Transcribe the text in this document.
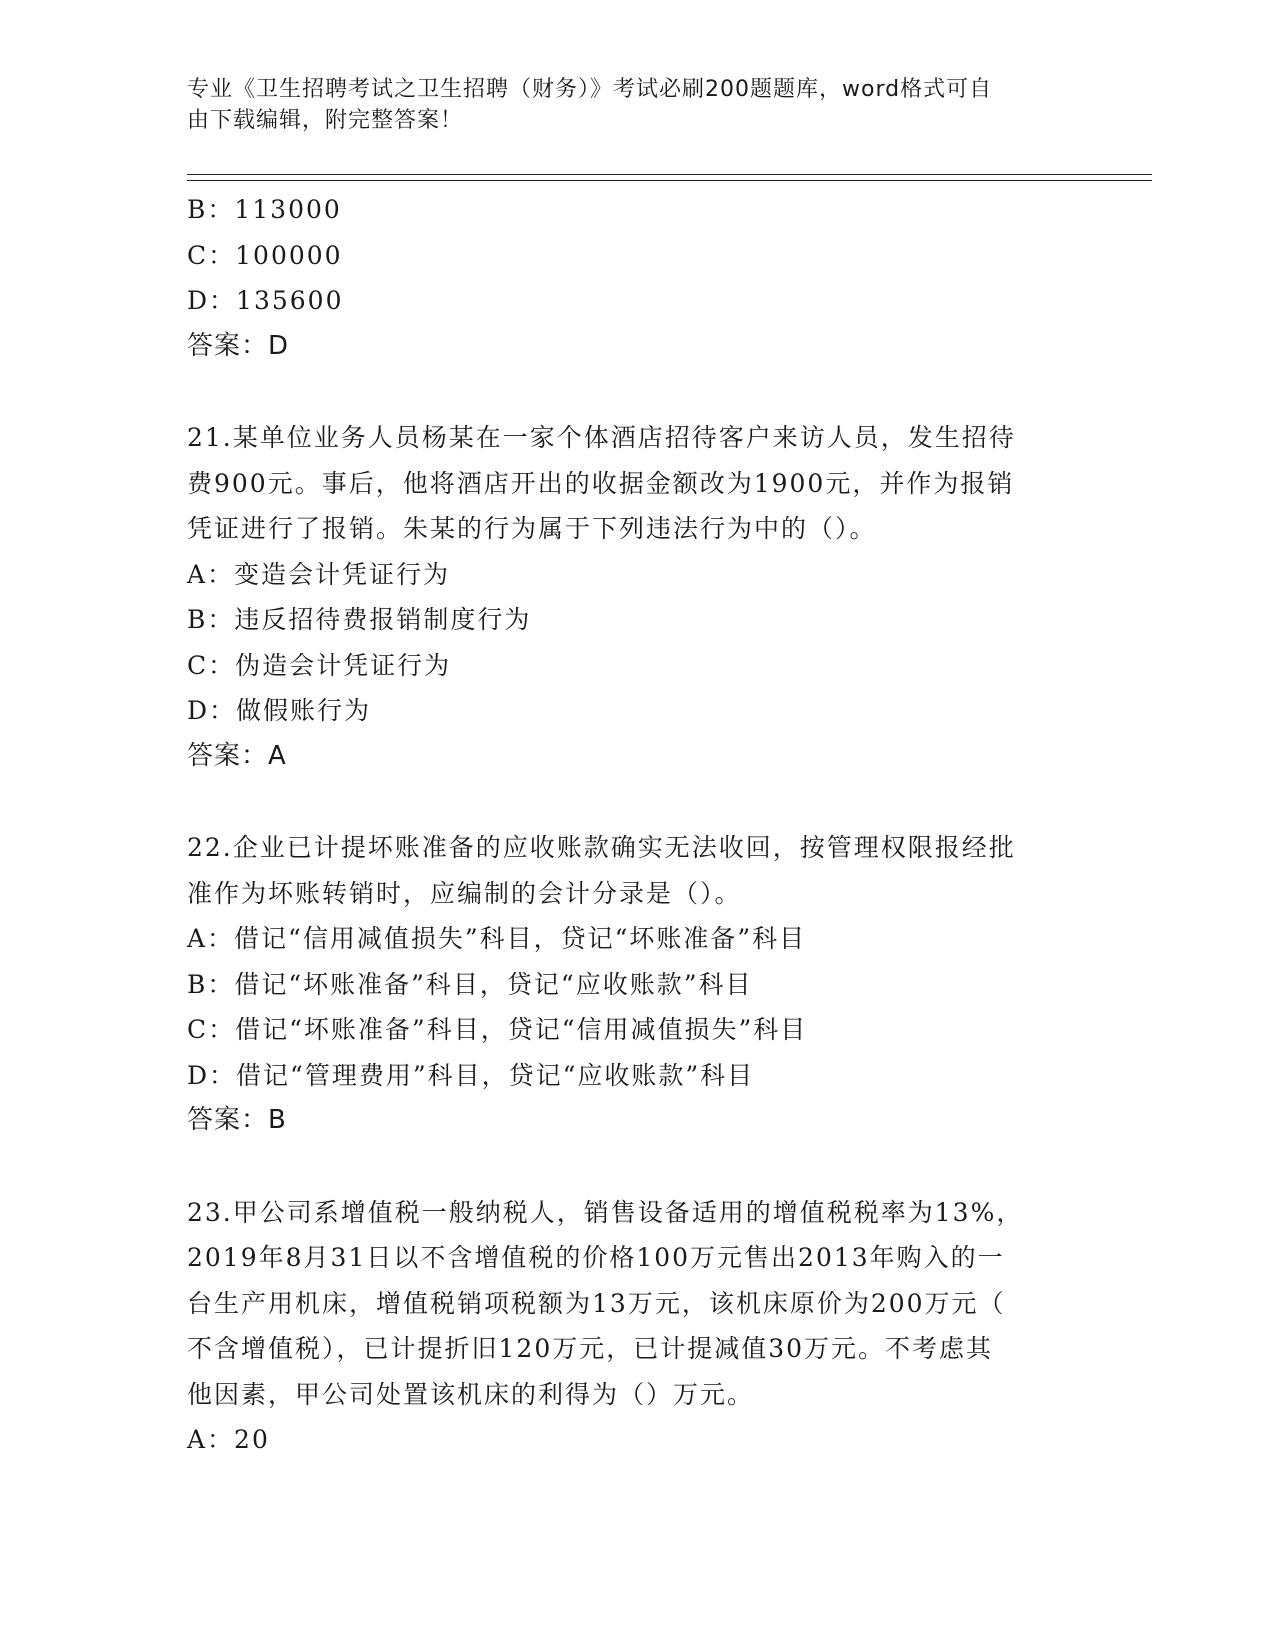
专业《卫生招聘考试之卫生招聘（财务）》考试必刷200题题库，word格式可自
由下载编辑，附完整答案！
B：113000
C：100000
D：135600
答案：D
21.某单位业务人员杨某在一家个体酒店招待客户来访人员，发生招待
费900元。事后，他将酒店开出的收据金额改为1900元，并作为报销
凭证进行了报销。朱某的行为属于下列违法行为中的（）。
A：变造会计凭证行为
B：违反招待费报销制度行为
C：伪造会计凭证行为
D：做假账行为
答案：A
22.企业已计提坏账准备的应收账款确实无法收回，按管理权限报经批
准作为坏账转销时，应编制的会计分录是（）。
A：借记“信用减值损失”科目，贷记“坏账准备”科目
B：借记“坏账准备”科目，贷记“应收账款”科目
C：借记“坏账准备”科目，贷记“信用减值损失”科目
D：借记“管理费用”科目，贷记“应收账款”科目
答案：B
23.甲公司系增值税一般纳税人，销售设备适用的增值税税率为13%，
2019年8月31日以不含增值税的价格100万元售出2013年购入的一
台生产用机床，增值税销项税额为13万元，该机床原价为200万元（
不含增值税），已计提折旧120万元，已计提减值30万元。不考虑其
他因素，甲公司处置该机床的利得为（）万元。
A：20
